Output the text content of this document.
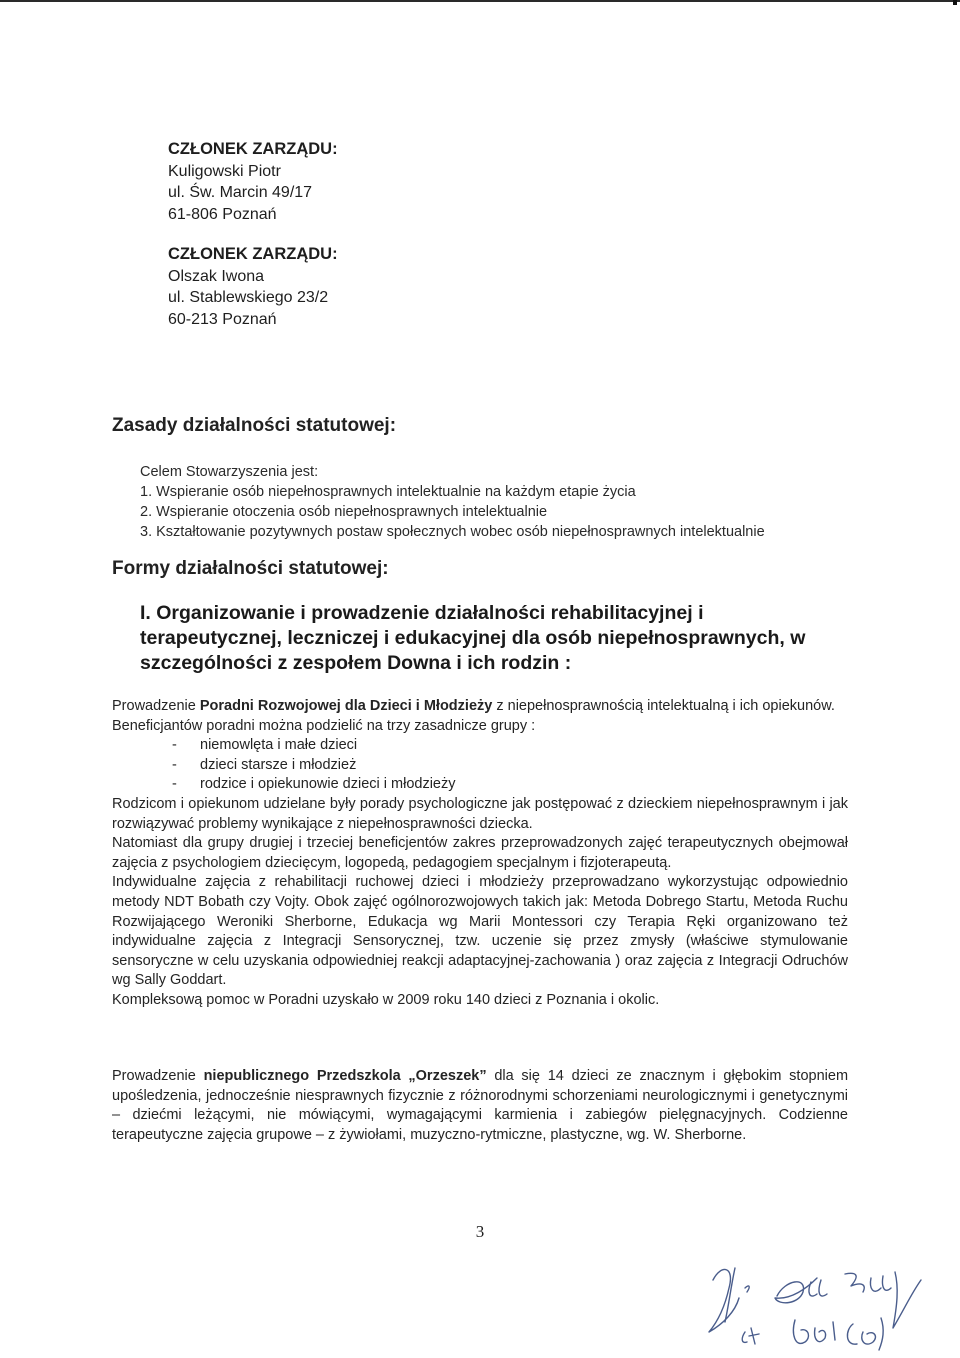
CZŁONEK ZARZĄDU:
Kuligowski Piotr
ul. Św. Marcin 49/17
61-806 Poznań
CZŁONEK ZARZĄDU:
Olszak Iwona
ul. Stablewskiego 23/2
60-213 Poznań
Zasady działalności statutowej:
Celem Stowarzyszenia jest:
1. Wspieranie osób niepełnosprawnych intelektualnie na każdym etapie życia
2. Wspieranie otoczenia osób niepełnosprawnych intelektualnie
3. Kształtowanie pozytywnych postaw społecznych wobec osób niepełnosprawnych intelektualnie
Formy działalności statutowej:
I. Organizowanie i prowadzenie działalności rehabilitacyjnej i terapeutycznej, leczniczej i edukacyjnej dla osób niepełnosprawnych, w szczególności z zespołem Downa i ich rodzin :

Prowadzenie Poradni Rozwojowej dla Dzieci i Młodzieży z niepełnosprawnością intelektualną i ich opiekunów.

Beneficjantów poradni można podzielić na trzy zasadnicze grupy :

- niemowlęta i małe dzieci
- dzieci starsze i młodzież
- rodzice i opiekunowie dzieci i młodzieży

Rodzicom i opiekunom udzielane były porady psychologiczne jak postępować z dzieckiem niepełnosprawnym i jak rozwiązywać problemy wynikające z niepełnosprawności dziecka.

Natomiast dla grupy drugiej i trzeciej beneficjentów zakres przeprowadzonych zajęć terapeutycznych obejmował zajęcia z psychologiem dziecięcym, logopedą, pedagogiem specjalnym i fizjoterapeutą.

Indywidualne zajęcia z rehabilitacji ruchowej dzieci i młodzieży przeprowadzano wykorzystując odpowiednio metody NDT Bobath czy Vojty. Obok zajęć ogólnorozwojowych takich jak: Metoda Dobrego Startu, Metoda Ruchu Rozwijającego Weroniki Sherborne, Edukacja wg Marii Montessori czy Terapia Ręki organizowano też indywidualne zajęcia z Integracji Sensorycznej, tzw. uczenie się przez zmysły (właściwe stymulowanie sensoryczne w celu uzyskania odpowiedniej reakcji adaptacyjnej-zachowania ) oraz zajęcia z Integracji Odruchów wg Sally Goddart.

Kompleksową pomoc w Poradni uzyskało w 2009 roku 140 dzieci z Poznania i okolic.

Prowadzenie niepublicznego Przedszkola „Orzeszek” dla się 14 dzieci ze znacznym i głębokim stopniem upośledzenia, jednocześnie niesprawnych fizycznie z różnorodnymi schorzeniami neurologicznymi i genetycznymi – dziećmi leżącymi, nie mówiącymi, wymagającymi karmienia i zabiegów pielęgnacyjnych. Codzienne terapeutyczne zajęcia grupowe – z żywiołami, muzyczno-rytmiczne, plastyczne, wg. W. Sherborne.

3
